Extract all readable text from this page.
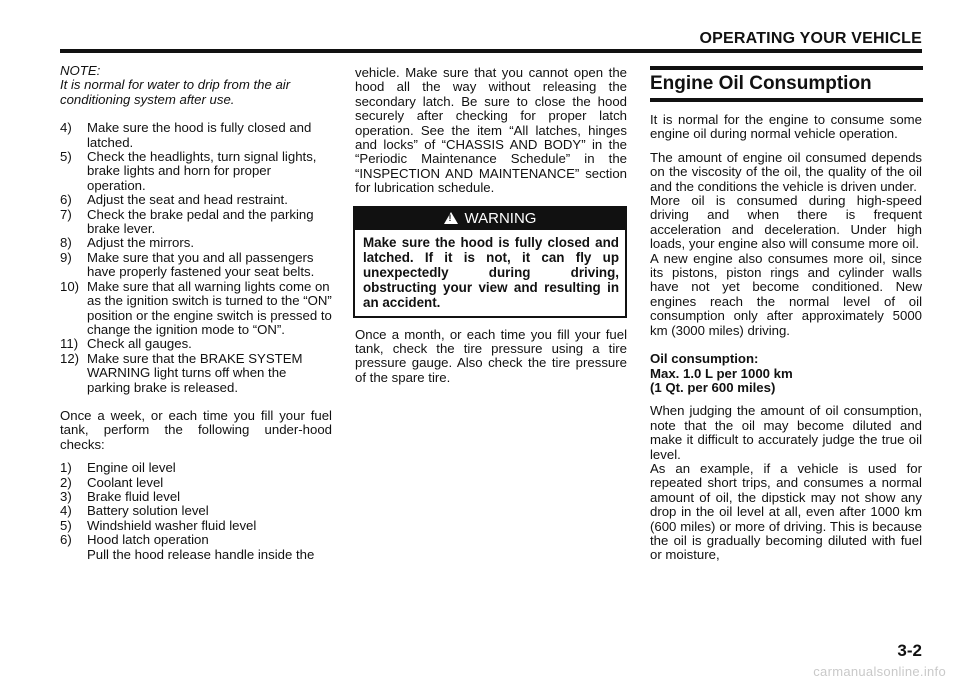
OPERATING YOUR VEHICLE

NOTE:

It is normal for water to drip from the air conditioning system after use.

4) Make sure the hood is fully closed and latched.
5) Check the headlights, turn signal lights, brake lights and horn for proper operation.
6) Adjust the seat and head restraint.
7) Check the brake pedal and the parking brake lever.
8) Adjust the mirrors.
9) Make sure that you and all passengers have properly fastened your seat belts.
10) Make sure that all warning lights come on as the ignition switch is turned to the “ON” position or the engine switch is pressed to change the ignition mode to “ON”.
11) Check all gauges.
12) Make sure that the BRAKE SYSTEM WARNING light turns off when the parking brake is released.

Once a week, or each time you fill your fuel tank, perform the following under-hood checks:

1) Engine oil level
2) Coolant level
3) Brake fluid level
4) Battery solution level
5) Windshield washer fluid level
6) Hood latch operation
Pull the hood release handle inside the

vehicle. Make sure that you cannot open the hood all the way without releasing the secondary latch. Be sure to close the hood securely after checking for proper latch operation. See the item “All latches, hinges and locks” of “CHASSIS AND BODY” in the “Periodic Maintenance Schedule” in the “INSPECTION AND MAINTENANCE” section for lubrication schedule.

!WARNING
Make sure the hood is fully closed and latched. If it is not, it can fly up unexpectedly during driving, obstructing your view and resulting in an accident.

Once a month, or each time you fill your fuel tank, check the tire pressure using a tire pressure gauge. Also check the tire pressure of the spare tire.

Engine Oil Consumption

It is normal for the engine to consume some engine oil during normal vehicle operation.

The amount of engine oil consumed depends on the viscosity of the oil, the quality of the oil and the conditions the vehicle is driven under.

More oil is consumed during high-speed driving and when there is frequent acceleration and deceleration. Under high loads, your engine also will consume more oil.

A new engine also consumes more oil, since its pistons, piston rings and cylinder walls have not yet become conditioned. New engines reach the normal level of oil consumption only after approximately 5000 km (3000 miles) driving.

Oil consumption:

Max. 1.0 L per 1000 km

(1 Qt. per 600 miles)

When judging the amount of oil consumption, note that the oil may become diluted and make it difficult to accurately judge the true oil level.

As an example, if a vehicle is used for repeated short trips, and consumes a normal amount of oil, the dipstick may not show any drop in the oil level at all, even after 1000 km (600 miles) or more of driving. This is because the oil is gradually becoming diluted with fuel or moisture,

3-2
carmanualsonline.info
